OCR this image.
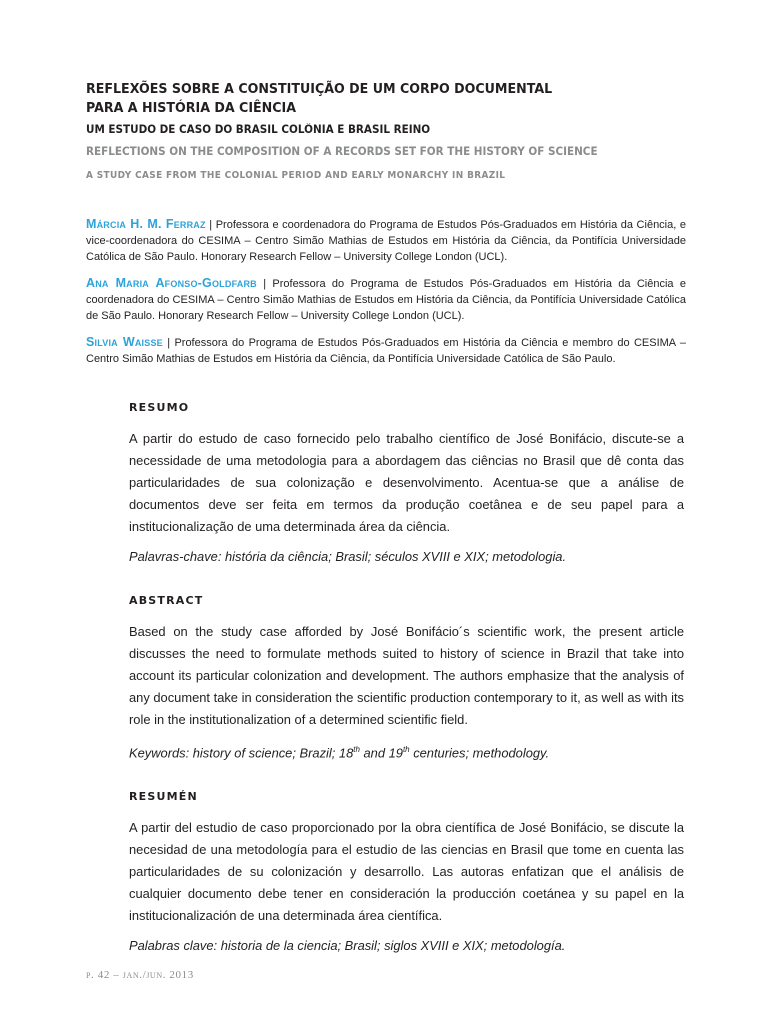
REFLEXÕES SOBRE A CONSTITUIÇÃO DE UM CORPO DOCUMENTAL
PARA A HISTÓRIA DA CIÊNCIA
UM ESTUDO DE CASO DO BRASIL COLÔNIA E BRASIL REINO
REFLECTIONS ON THE COMPOSITION OF A RECORDS SET FOR THE HISTORY OF SCIENCE
A STUDY CASE FROM THE COLONIAL PERIOD AND EARLY MONARCHY IN BRAZIL

Márcia H. M. Ferraz | Professora e coordenadora do Programa de Estudos Pós-Graduados em História da Ciência, e vice-coordenadora do CESIMA – Centro Simão Mathias de Estudos em História da Ciência, da Pontifícia Universidade Católica de São Paulo. Honorary Research Fellow – University College London (UCL).

Ana Maria Afonso-Goldfarb | Professora do Programa de Estudos Pós-Graduados em História da Ciência e coordenadora do CESIMA – Centro Simão Mathias de Estudos em História da Ciência, da Pontifícia Universidade Católica de São Paulo. Honorary Research Fellow – University College London (UCL).

Silvia Waisse | Professora do Programa de Estudos Pós-Graduados em História da Ciência e membro do CESIMA – Centro Simão Mathias de Estudos em História da Ciência, da Pontifícia Universidade Católica de São Paulo.

RESUMO

A partir do estudo de caso fornecido pelo trabalho científico de José Bonifácio, discute-se a necessidade de uma metodologia para a abordagem das ciências no Brasil que dê conta das particularidades de sua colonização e desenvolvimento. Acentua-se que a análise de documentos deve ser feita em termos da produção coetânea e de seu papel para a institucionalização de uma determinada área da ciência.

Palavras-chave: história da ciência; Brasil; séculos XVIII e XIX; metodologia.

ABSTRACT

Based on the study case afforded by José Bonifácio´s scientific work, the present article discusses the need to formulate methods suited to history of science in Brazil that take into account its particular colonization and development. The authors emphasize that the analysis of any document take in consideration the scientific production contemporary to it, as well as with its role in the institutionalization of a determined scientific field.

Keywords: history of science; Brazil; 18th and 19th centuries; methodology.

RESUMÉN

A partir del estudio de caso proporcionado por la obra científica de José Bonifácio, se discute la necesidad de una metodología para el estudio de las ciencias en Brasil que tome en cuenta las particularidades de su colonización y desarrollo. Las autoras enfatizan que el análisis de cualquier documento debe tener en consideración la producción coetánea y su papel en la institucionalización de una determinada área científica.

Palabras clave: historia de la ciencia; Brasil; siglos XVIII e XIX; metodología.

p. 42 – jan./jun. 2013
